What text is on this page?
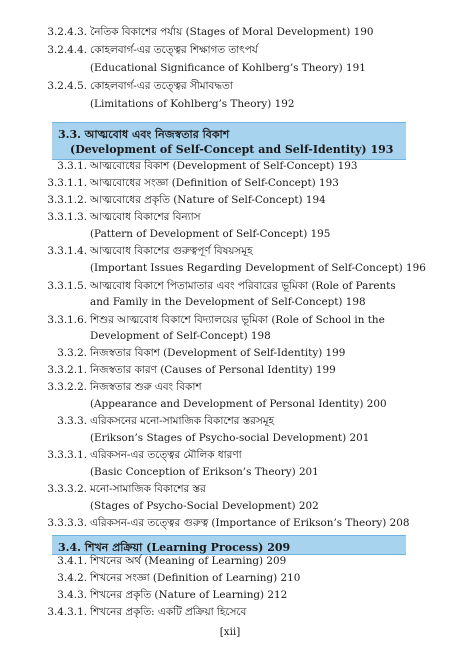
3.2.4.3. নৈতিক বিকাশের পর্যায় (Stages of Moral Development) 190
3.2.4.4. কোহলবার্গ-এর তত্ত্বের শিক্ষাগত তাৎপর্য
(Educational Significance of Kohlberg’s Theory) 191
3.2.4.5. কোহলবার্গ-এর তত্ত্বের সীমাবদ্ধতা
(Limitations of Kohlberg’s Theory) 192
3.3. আত্মবোধ এবং নিজস্বতার বিকাশ
(Development of Self-Concept and Self-Identity) 193
3.3.1. আত্মবোধের বিকাশ (Development of Self-Concept) 193
3.3.1.1. আত্মবোধের সংজ্ঞা (Definition of Self-Concept) 193
3.3.1.2. আত্মবোধের প্রকৃতি (Nature of Self-Concept) 194
3.3.1.3. আত্মবোধ বিকাশের বিন্যাস
(Pattern of Development of Self-Concept) 195
3.3.1.4. আত্মবোধ বিকাশের গুরুত্বপূর্ণ বিষয়সমূহ
(Important Issues Regarding Development of Self-Concept) 196
3.3.1.5. আত্মবোধ বিকাশে পিতামাতার এবং পরিবারের ভূমিকা (Role of Parents
and Family in the Development of Self-Concept) 198
3.3.1.6. শিশুর আত্মবোধ বিকাশে বিদ্যালয়ের ভূমিকা (Role of School in the
Development of Self-Concept) 198
3.3.2. নিজস্বতার বিকাশ (Development of Self-Identity) 199
3.3.2.1. নিজস্বতার কারণ (Causes of Personal Identity) 199
3.3.2.2. নিজস্বতার শুরু এবং বিকাশ
(Appearance and Development of Personal Identity) 200
3.3.3. এরিকসনের মনো-সামাজিক বিকাশের স্তরসমূহ
(Erikson’s Stages of Psycho-social Development) 201
3.3.3.1. এরিকসন-এর তত্ত্বের মৌলিক ধারণা
(Basic Conception of Erikson’s Theory) 201
3.3.3.2. মনো-সামাজিক বিকাশের স্তর
(Stages of Psycho-Social Development) 202
3.3.3.3. এরিকসন-এর তত্ত্বের গুরুত্ব (Importance of Erikson’s Theory) 208
3.4. শিখন প্রক্রিয়া (Learning Process) 209
3.4.1. শিখনের অর্থ (Meaning of Learning) 209
3.4.2. শিখনের সংজ্ঞা (Definition of Learning) 210
3.4.3. শিখনের প্রকৃতি (Nature of Learning) 212
3.4.3.1. শিখনের প্রকৃতি: একটি প্রক্রিয়া হিসেবে
[xii]
